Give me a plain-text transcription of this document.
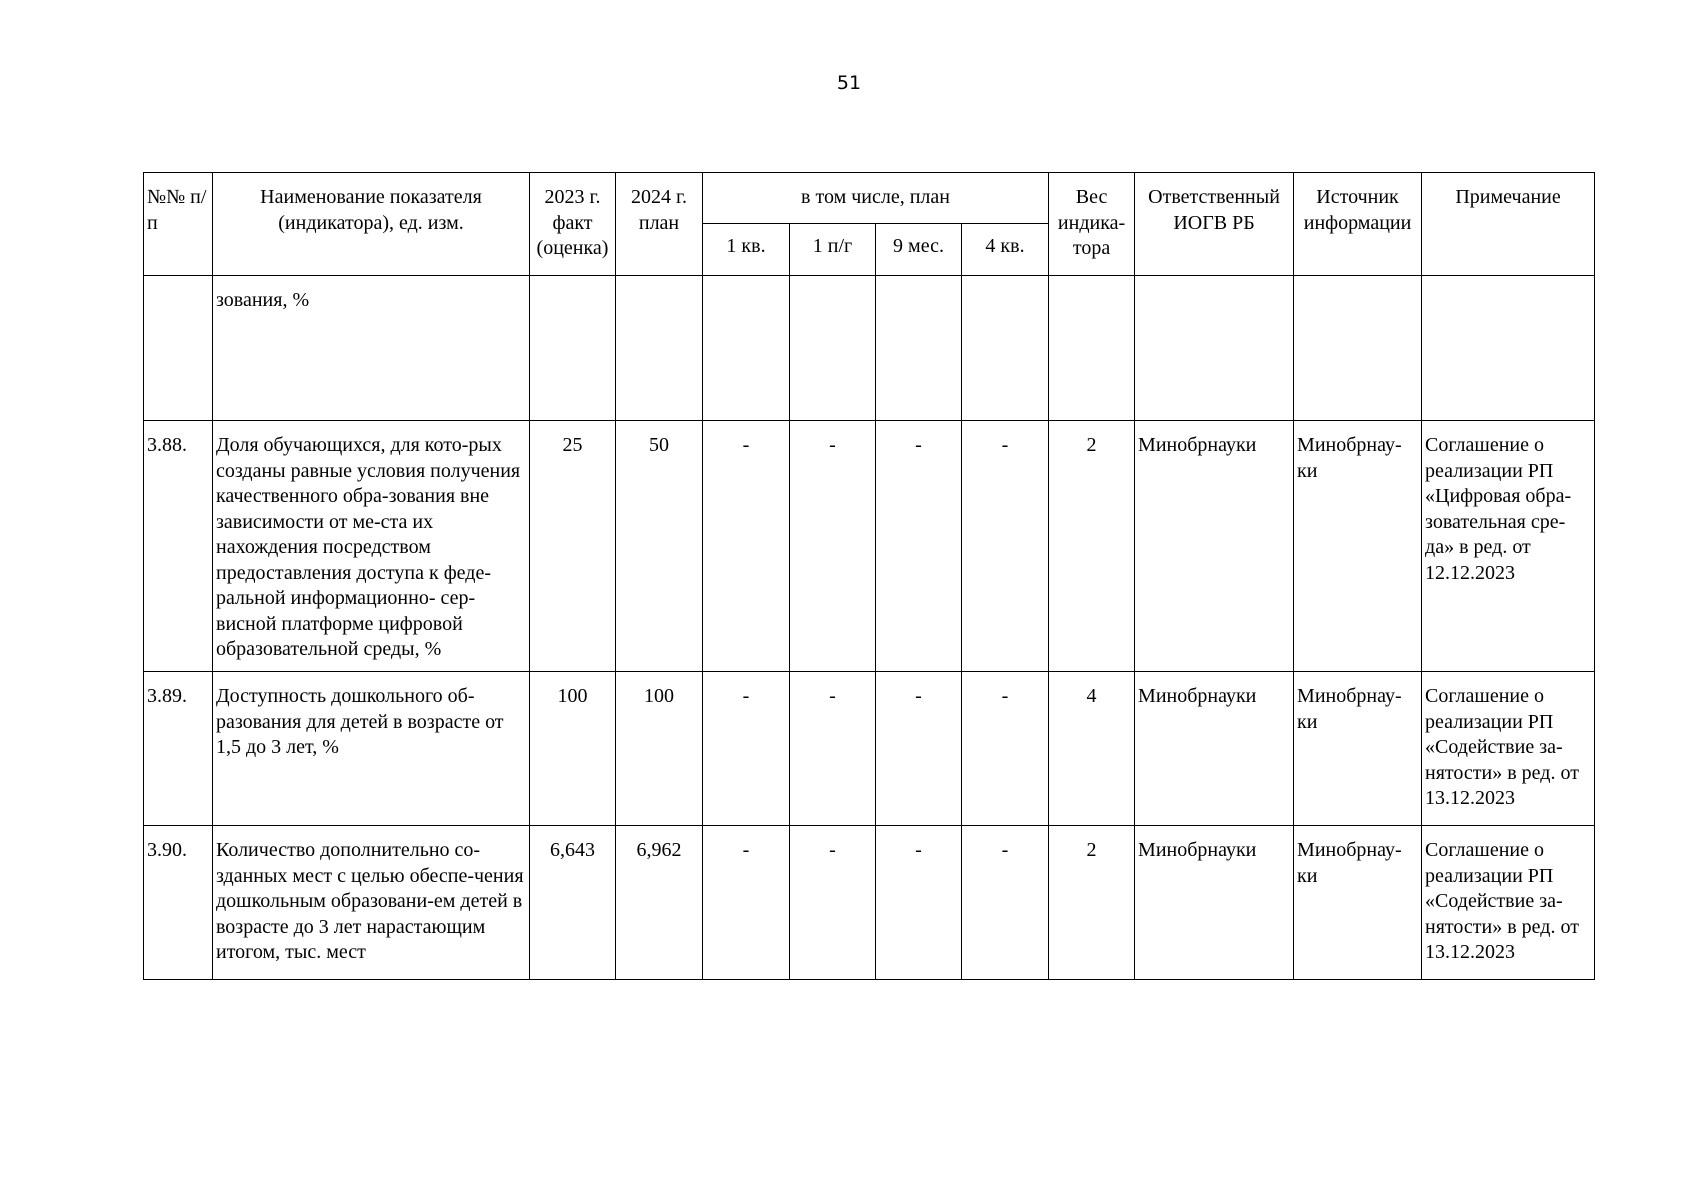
51
№№ п/п	Наименование показателя (индикатора), ед. изм.	2023 г. факт (оценка)	2024 г. план	в том числе, план				Вес индика-тора	Ответственный ИОГВ РБ	Источник информации	Примечание
				1 кв.	1 п/г	9 мес.	4 кв.				
	зования, %										
3.88.	Доля обучающихся, для кото-рых созданы равные условия получения качественного обра-зования вне зависимости от ме-ста их нахождения посредством предоставления доступа к феде-ральной информационно- сер-висной платформе цифровой образовательной среды, %	25	50	-	-	-	-	2	Минобрнауки	Минобрнау-ки	Соглашение о реализации РП «Цифровая обра-зовательная сре-да» в ред. от 12.12.2023
3.89.	Доступность дошкольного об-разования для детей в возрасте от 1,5 до 3 лет, %	100	100	-	-	-	-	4	Минобрнауки	Минобрнау-ки	Соглашение о реализации РП «Содействие за-нятости» в ред. от 13.12.2023
3.90.	Количество дополнительно со-зданных мест с целью обеспе-чения дошкольным образовани-ем детей в возрасте до 3 лет нарастающим итогом, тыс. мест	6,643	6,962	-	-	-	-	2	Минобрнауки	Минобрнау-ки	Соглашение о реализации РП «Содействие за-нятости» в ред. от 13.12.2023
